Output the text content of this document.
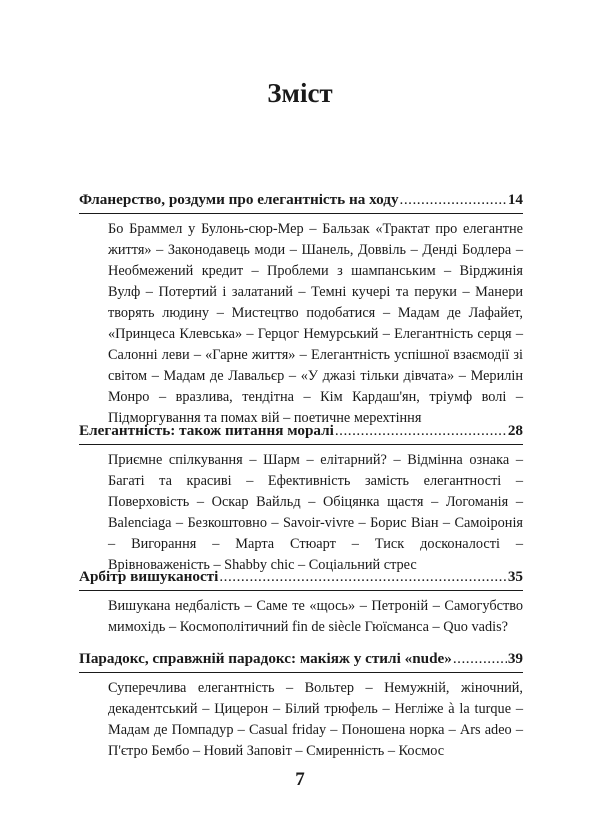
Зміст
Фланерство, роздуми про елегантність на ходу .....	14
Бо Браммел у Булонь-сюр-Мер – Бальзак «Трактат про елегантне життя» – Законодавець моди – Шанель, Доввіль – Денді Бодлера – Необмежений кредит – Проблеми з шампанським – Вірджинія Вулф – Потертий і залатаний – Темні кучері та перуки – Манери творять людину – Мистецтво подобатися – Мадам де Лафайет, «Принцеса Клевська» – Герцог Немурський – Елегантність серця – Салонні леви – «Гарне життя» – Елегантність успішної взаємодії зі світом – Мадам де Лавальєр – «У джазі тільки дівчата» – Мерилін Монро – вразлива, тендітна – Кім Кардаш'ян, тріумф волі – Підморгування та помах вій – поетичне мерехтіння
Елегантність: також питання моралі .....	28
Приємне спілкування – Шарм – елітарний? – Відмінна ознака – Багаті та красиві – Ефективність замість елегантності – Поверховість – Оскар Вайльд – Обіцянка щастя – Логоманія – Balenciaga – Безкоштовно – Savoir-vivre – Борис Віан – Самоіронія – Вигорання – Марта Стюарт – Тиск досконалості – Врівноваженість – Shabby chic – Соціальний стрес
Арбітр вишуканості .....	35
Вишукана недбалість – Саме те «щось» – Петроній – Самогубство мимохідь – Космополітичний fin de siècle Гюїсманса – Quo vadis?
Парадокс, справжній парадокс: макіяж у стилі «nude» .....	39
Суперечлива елегантність – Вольтер – Немужній, жіночний, декадентський – Цицерон – Білий трюфель – Негліже à la turque – Мадам де Помпадур – Casual friday – Поношена норка – Ars adeo – П'єтро Бембо – Новий Заповіт – Смиренність – Космос
7
